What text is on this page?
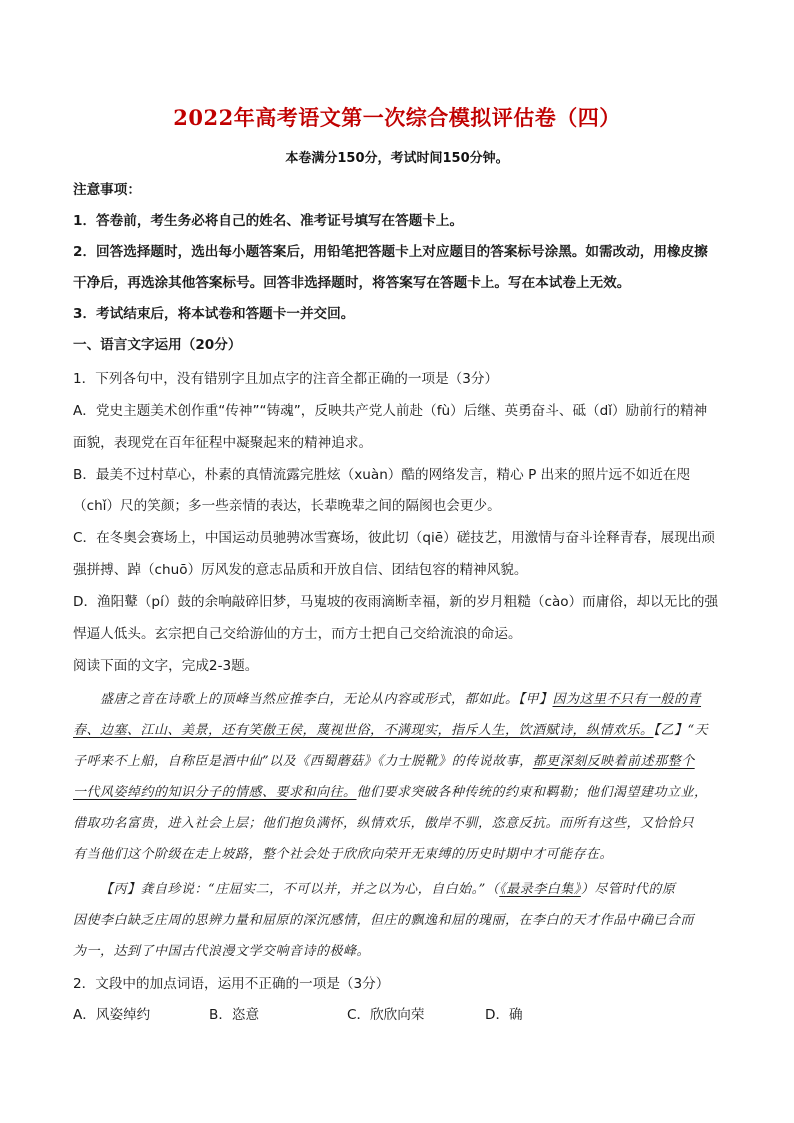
2022年高考语文第一次综合模拟评估卷（四）
本卷满分150分，考试时间150分钟。
注意事项：
1．答卷前，考生务必将自己的姓名、准考证号填写在答题卡上。
2．回答选择题时，选出每小题答案后，用铅笔把答题卡上对应题目的答案标号涂黑。如需改动，用橡皮擦
干净后，再选涂其他答案标号。回答非选择题时，将答案写在答题卡上。写在本试卷上无效。
3．考试结束后，将本试卷和答题卡一并交回。
一、语言文字运用（20分）
1．下列各句中，没有错别字且加点字的注音全都正确的一项是（3分）
A．党史主题美术创作重“传神”“铸魂”，反映共产党人前赴（fù）后继、英勇奋斗、砥（dǐ）励前行的精神
面貌，表现党在百年征程中凝聚起来的精神追求。
B．最美不过村草心，朴素的真情流露完胜炫（xuàn）酷的网络发言，精心 P 出来的照片远不如近在咫
（chǐ）尺的笑颜；多一些亲情的表达，长辈晚辈之间的隔阂也会更少。
C．在冬奥会赛场上，中国运动员驰骋冰雪赛场，彼此切（qiē）磋技艺，用激情与奋斗诠释青春，展现出顽
强拼搏、踔（chuō）厉风发的意志品质和开放自信、团结包容的精神风貌。
D．渔阳鼙（pí）鼓的余响敲碎旧梦，马嵬坡的夜雨滴断幸福，新的岁月粗糙（cào）而庸俗，却以无比的强
悍逼人低头。玄宗把自己交给游仙的方士，而方士把自己交给流浪的命运。
阅读下面的文字，完成2-3题。
盛唐之音在诗歌上的顶峰当然应推李白，无论从内容或形式，都如此。【甲】因为这里不只有一般的青
春、边塞、江山、美景，还有笑傲王侯，蔑视世俗，不满现实，指斥人生，饮酒赋诗，纵情欢乐。【乙】“天
子呼来不上船，自称臣是酒中仙”以及《西蜀蘑菇》《力士脱靴》的传说故事，都更深刻反映着前述那整个
一代风姿绰约的知识分子的情感、要求和向往。他们要求突破各种传统的约束和羁勒；他们渴望建功立业，
借取功名富贵，进入社会上层；他们抱负满怀，纵情欢乐，傲岸不驯，恣意反抗。而所有这些，又恰恰只
有当他们这个阶级在走上坡路，整个社会处于欣欣向荣开无束缚的历史时期中才可能存在。
【丙】龚自珍说：“庄屈实二，不可以并，并之以为心，自白始。”（《最录李白集》）尽管时代的原
因使李白缺乏庄周的思辨力量和屈原的深沉感情，但庄的飘逸和屈的瑰丽，在李白的天才作品中确已合而
为一，达到了中国古代浪漫文学交响音诗的极峰。
2．文段中的加点词语，运用不正确的一项是（3分）
A．风姿绰约	B．恣意	C．欣欣向荣	D．确
